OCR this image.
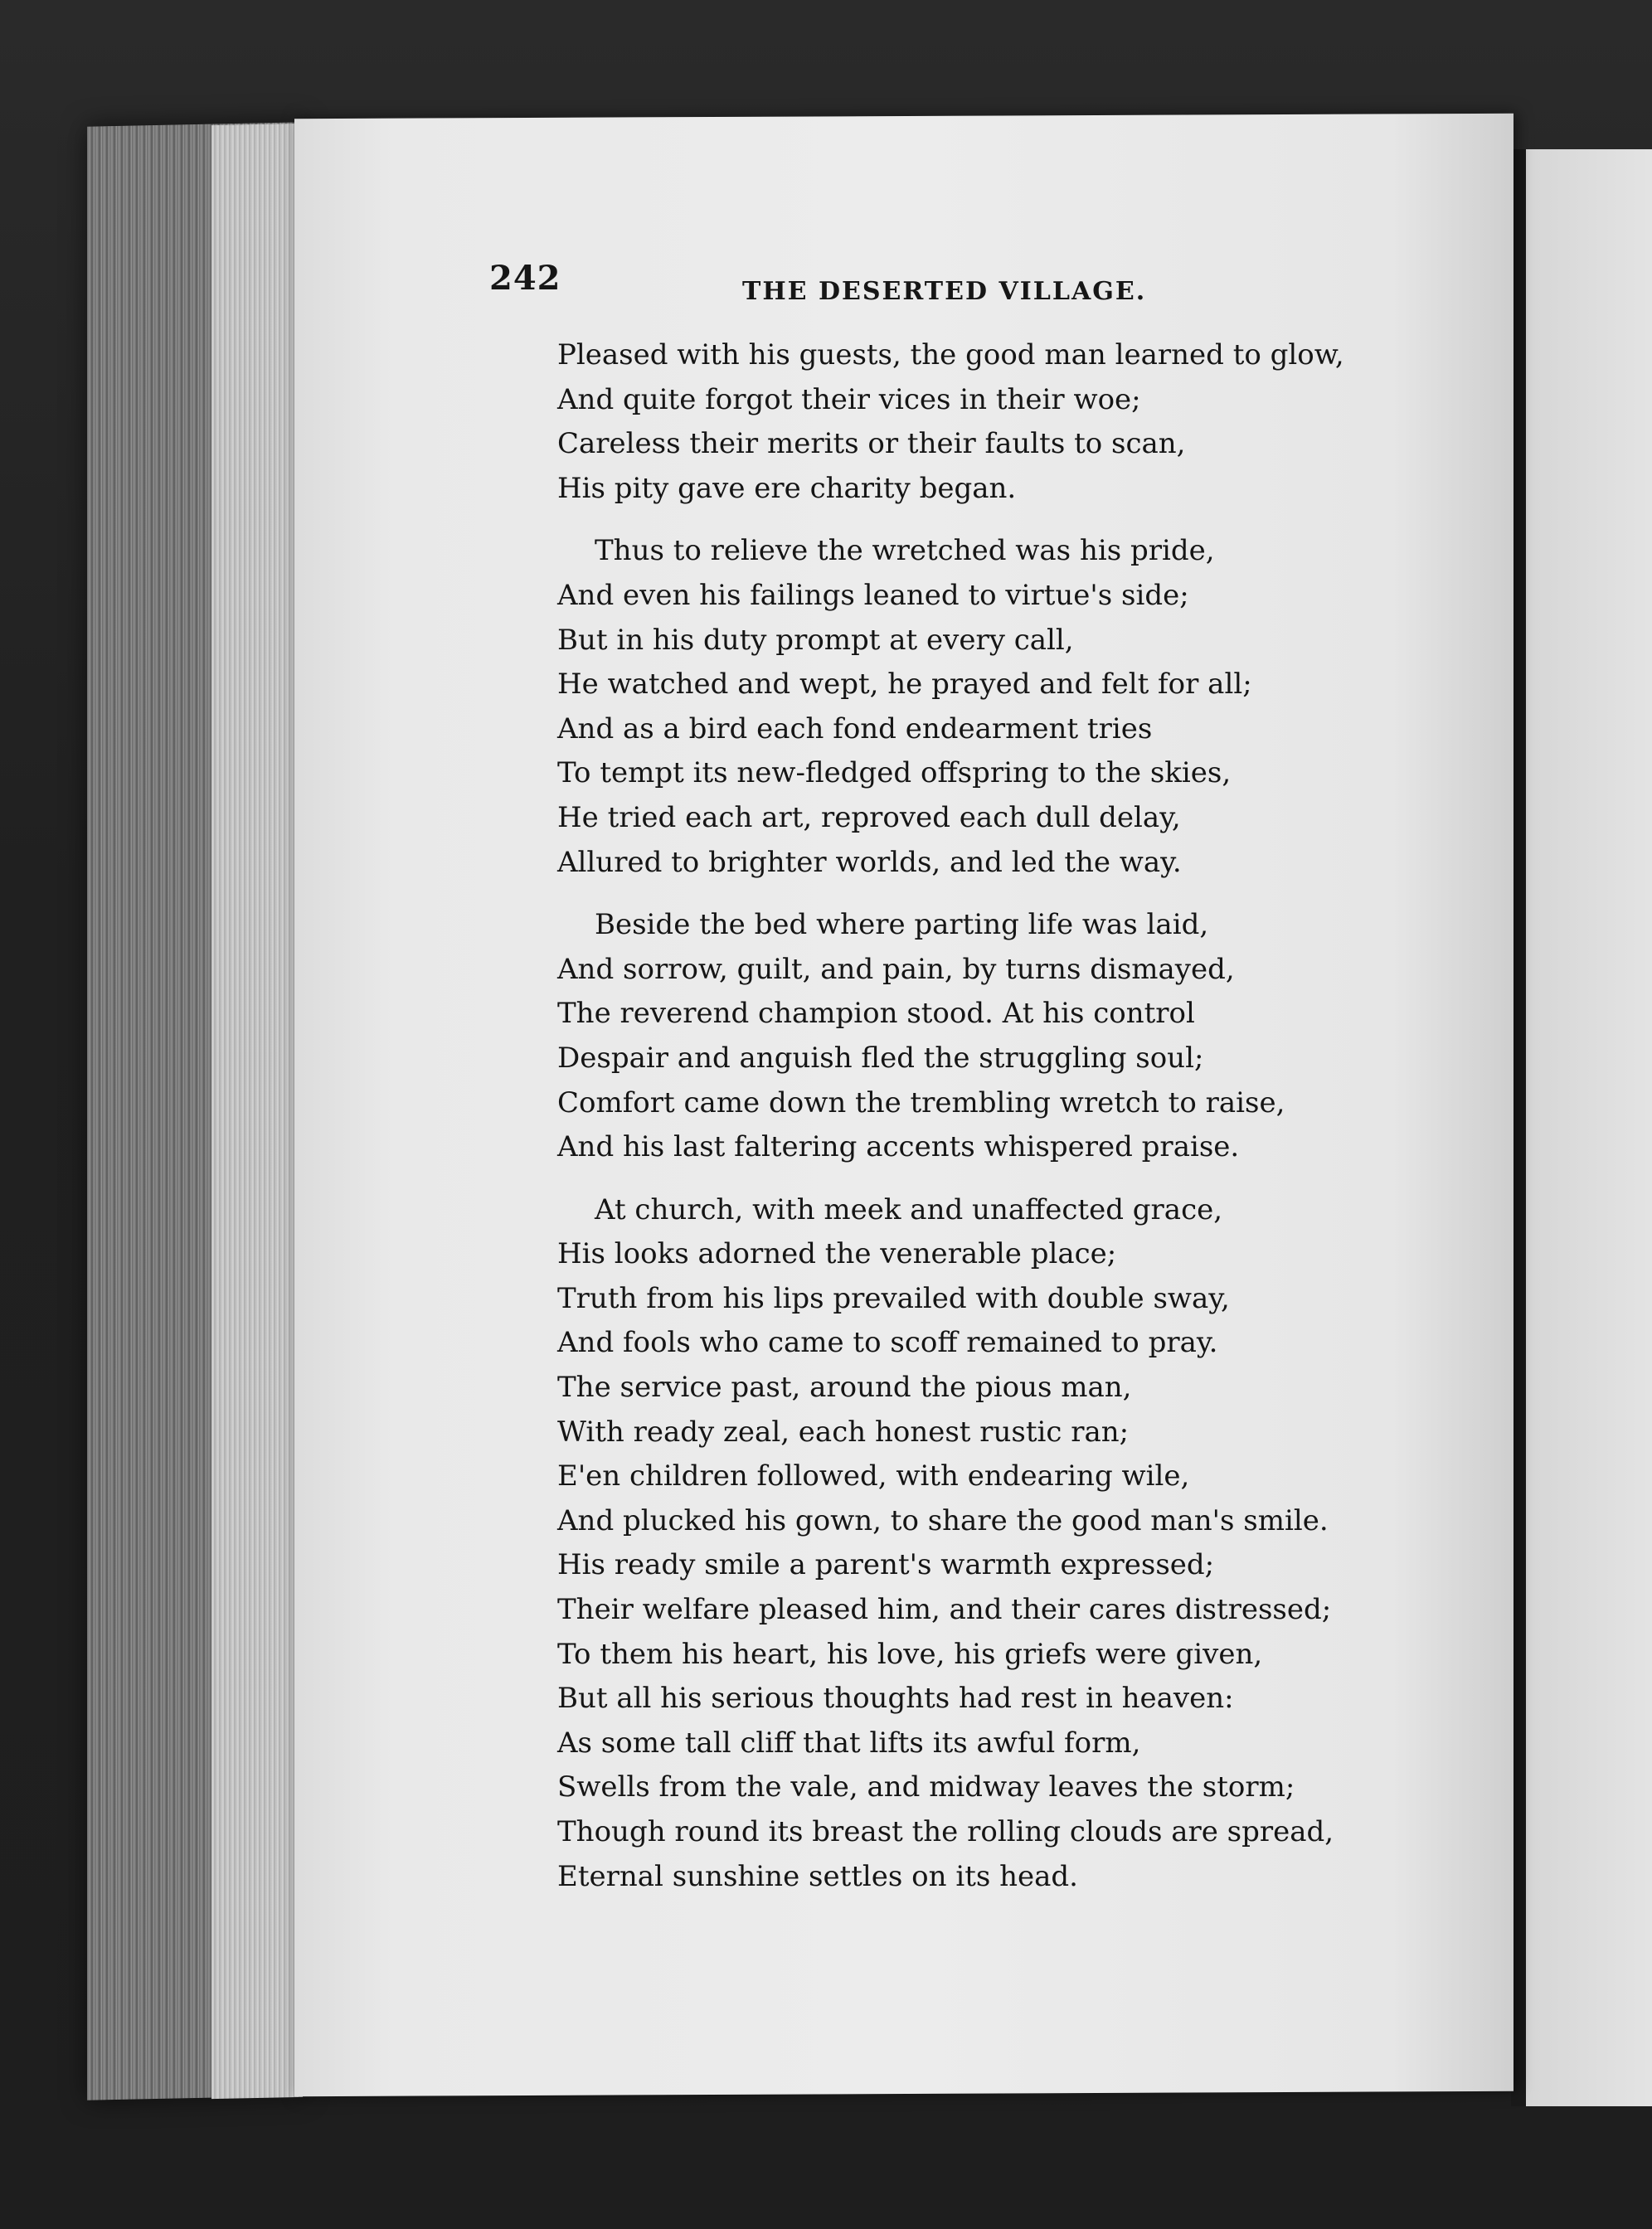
242	THE DESERTED VILLAGE.
Pleased with his guests, the good man learned to glow,
And quite forgot their vices in their woe;
Careless their merits or their faults to scan,
His pity gave ere charity began.
Thus to relieve the wretched was his pride,
And even his failings leaned to virtue's side;
But in his duty prompt at every call,
He watched and wept, he prayed and felt for all;
And as a bird each fond endearment tries
To tempt its new-fledged offspring to the skies,
He tried each art, reproved each dull delay,
Allured to brighter worlds, and led the way.
Beside the bed where parting life was laid,
And sorrow, guilt, and pain, by turns dismayed,
The reverend champion stood. At his control
Despair and anguish fled the struggling soul;
Comfort came down the trembling wretch to raise,
And his last faltering accents whispered praise.
At church, with meek and unaffected grace,
His looks adorned the venerable place;
Truth from his lips prevailed with double sway,
And fools who came to scoff remained to pray.
The service past, around the pious man,
With ready zeal, each honest rustic ran;
E'en children followed, with endearing wile,
And plucked his gown, to share the good man's smile.
His ready smile a parent's warmth expressed;
Their welfare pleased him, and their cares distressed;
To them his heart, his love, his griefs were given,
But all his serious thoughts had rest in heaven:
As some tall cliff that lifts its awful form,
Swells from the vale, and midway leaves the storm;
Though round its breast the rolling clouds are spread,
Eternal sunshine settles on its head.
